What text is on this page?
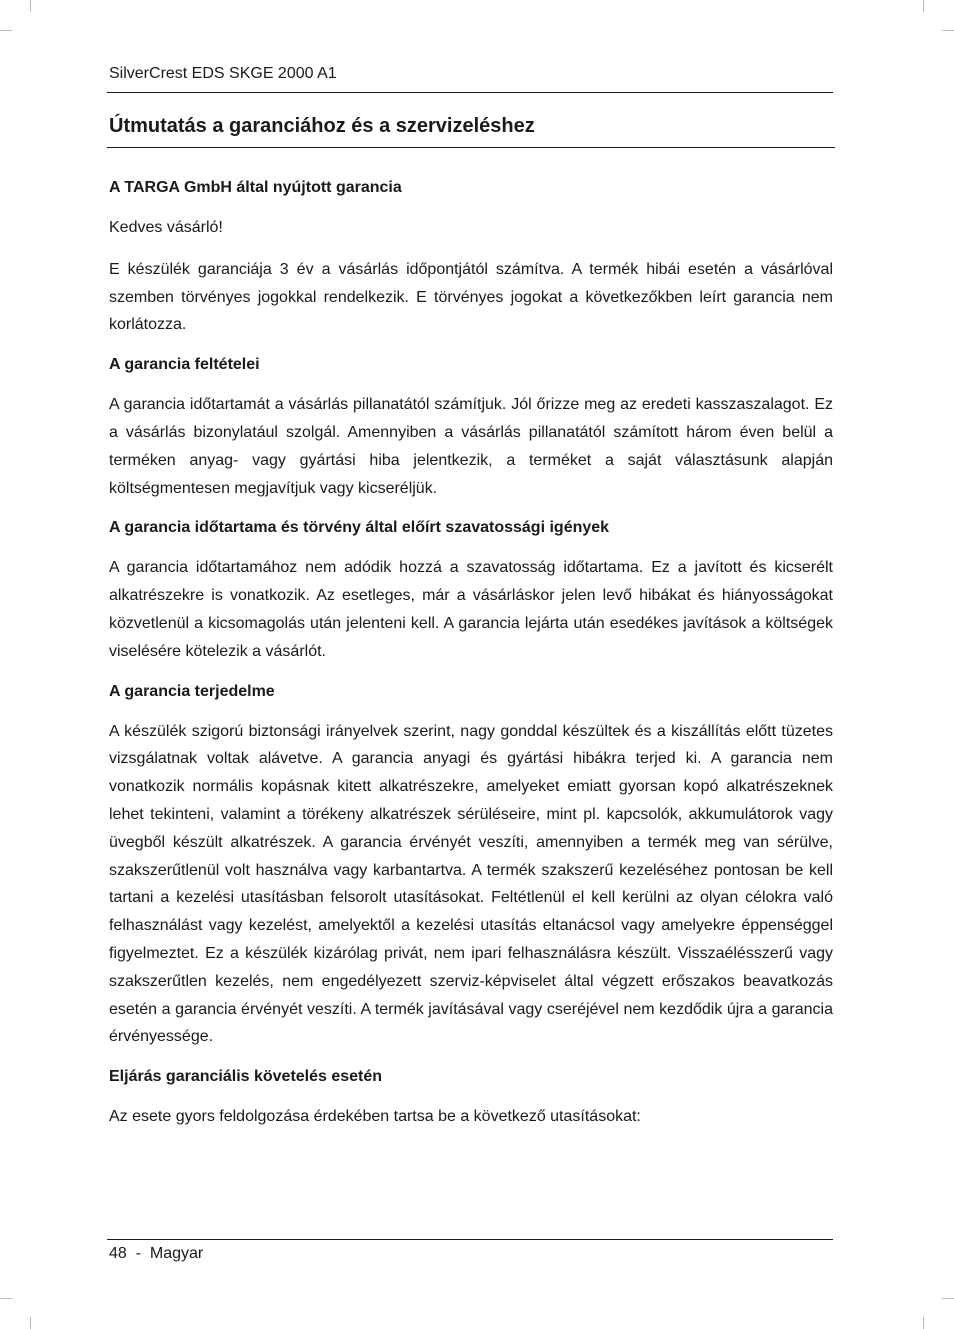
SilverCrest EDS SKGE 2000 A1
Útmutatás a garanciához és a szervizeléshez
A TARGA GmbH által nyújtott garancia

Kedves vásárló!

E készülék garanciája 3 év a vásárlás időpontjától számítva. A termék hibái esetén a vásárlóval szemben törvényes jogokkal rendelkezik. E törvényes jogokat a következőkben leírt garancia nem korlátozza.

A garancia feltételei

A garancia időtartamát a vásárlás pillanatától számítjuk. Jól őrizze meg az eredeti kasszaszalagot. Ez a vásárlás bizonylatául szolgál. Amennyiben a vásárlás pillanatától számított három éven belül a terméken anyag- vagy gyártási hiba jelentkezik, a terméket a saját választásunk alapján költségmentesen megjavítjuk vagy kicseréljük.

A garancia időtartama és törvény által előírt szavatossági igények

A garancia időtartamához nem adódik hozzá a szavatosság időtartama. Ez a javított és kicserélt alkatrészekre is vonatkozik. Az esetleges, már a vásárláskor jelen levő hibákat és hiányosságokat közvetlenül a kicsomagolás után jelenteni kell. A garancia lejárta után esedékes javítások a költségek viselésére kötelezik a vásárlót.

A garancia terjedelme

A készülék szigorú biztonsági irányelvek szerint, nagy gonddal készültek és a kiszállítás előtt tüzetes vizsgálatnak voltak alávetve. A garancia anyagi és gyártási hibákra terjed ki. A garancia nem vonatkozik normális kopásnak kitett alkatrészekre, amelyeket emiatt gyorsan kopó alkatrészeknek lehet tekinteni, valamint a törékeny alkatrészek sérüléseire, mint pl. kapcsolók, akkumulátorok vagy üvegből készült alkatrészek. A garancia érvényét veszíti, amennyiben a termék meg van sérülve, szakszerűtlenül volt használva vagy karbantartva. A termék szakszerű kezeléséhez pontosan be kell tartani a kezelési utasításban felsorolt utasításokat. Feltétlenül el kell kerülni az olyan célokra való felhasználást vagy kezelést, amelyektől a kezelési utasítás eltanácsol vagy amelyekre éppenséggel figyelmeztet. Ez a készülék kizárólag privát, nem ipari felhasználásra készült. Visszaélésszerű vagy szakszerűtlen kezelés, nem engedélyezett szerviz-képviselet által végzett erőszakos beavatkozás esetén a garancia érvényét veszíti. A termék javításával vagy cseréjével nem kezdődik újra a garancia érvényessége.

Eljárás garanciális követelés esetén

Az esete gyors feldolgozása érdekében tartsa be a következő utasításokat:

48 - Magyar
